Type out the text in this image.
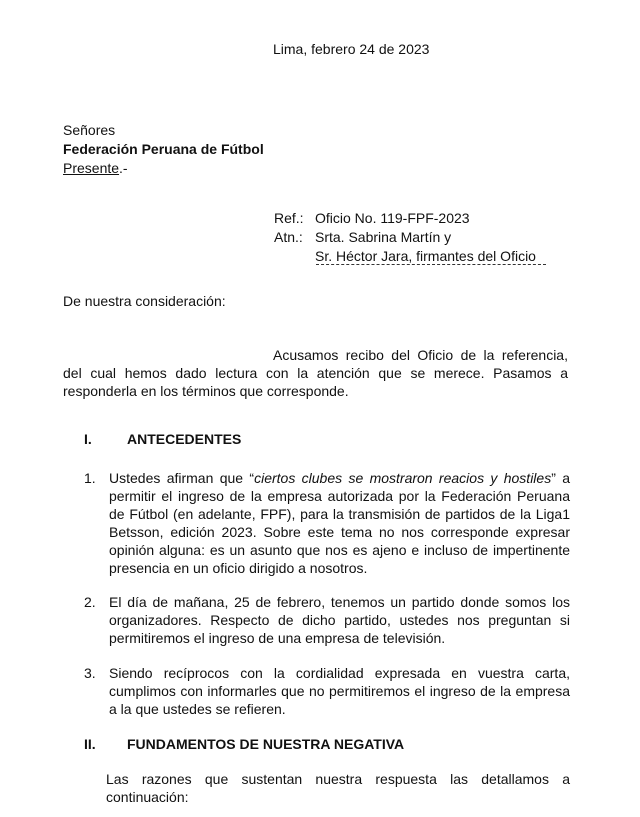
Lima, febrero 24 de 2023
Señores
Federación Peruana de Fútbol
Presente.-
Ref.: Oficio No. 119-FPF-2023
Atn.: Srta. Sabrina Martín y
Sr. Héctor Jara, firmantes del Oficio
De nuestra consideración:
Acusamos recibo del Oficio de la referencia, del cual hemos dado lectura con la atención que se merece. Pasamos a responderla en los términos que corresponde.
I.	ANTECEDENTES
1. Ustedes afirman que “ciertos clubes se mostraron reacios y hostiles” a permitir el ingreso de la empresa autorizada por la Federación Peruana de Fútbol (en adelante, FPF), para la transmisión de partidos de la Liga1 Betsson, edición 2023. Sobre este tema no nos corresponde expresar opinión alguna: es un asunto que nos es ajeno e incluso de impertinente presencia en un oficio dirigido a nosotros.
2. El día de mañana, 25 de febrero, tenemos un partido donde somos los organizadores. Respecto de dicho partido, ustedes nos preguntan si permitiremos el ingreso de una empresa de televisión.
3. Siendo recíprocos con la cordialidad expresada en vuestra carta, cumplimos con informarles que no permitiremos el ingreso de la empresa a la que ustedes se refieren.
II.	FUNDAMENTOS DE NUESTRA NEGATIVA
Las razones que sustentan nuestra respuesta las detallamos a continuación:
